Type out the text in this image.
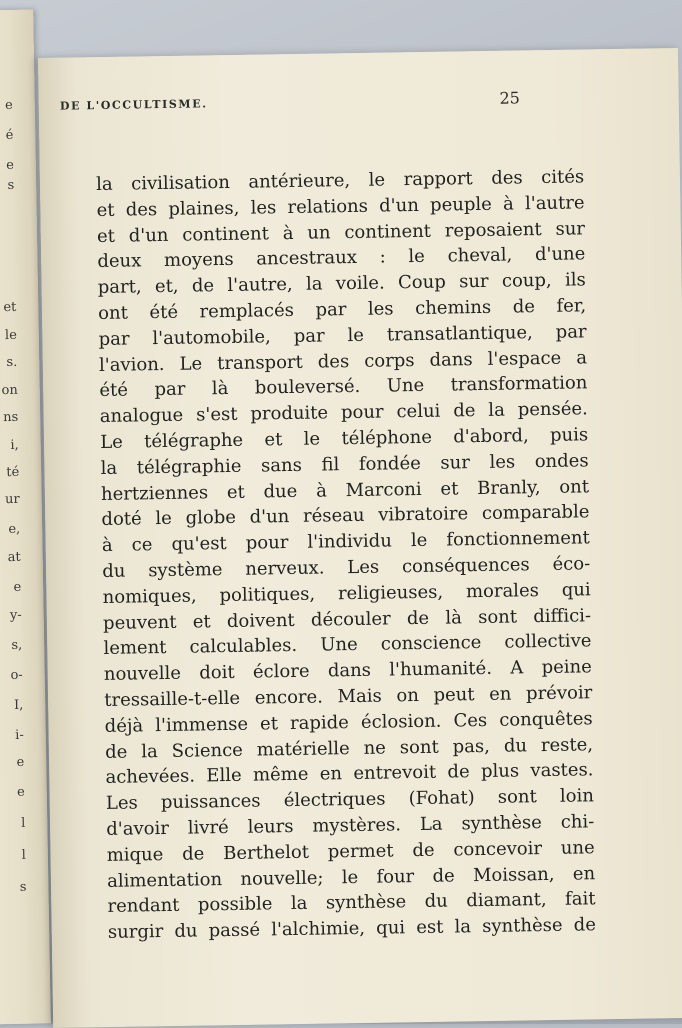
e
é
e
s
et
le
s.
on
ns
i,
té
ur
e,
at
e
y-
s,
o-
I,
i-
e
e
l
l
s
DE L'OCCULTISME.	25
la civilisation antérieure, le rapport des cités
et des plaines, les relations d'un peuple à l'autre
et d'un continent à un continent reposaient sur
deux moyens ancestraux : le cheval, d'une
part, et, de l'autre, la voile. Coup sur coup, ils
ont été remplacés par les chemins de fer,
par l'automobile, par le transatlantique, par
l'avion. Le transport des corps dans l'espace a
été par là bouleversé. Une transformation
analogue s'est produite pour celui de la pensée.
Le télégraphe et le téléphone d'abord, puis
la télégraphie sans fil fondée sur les ondes
hertziennes et due à Marconi et Branly, ont
doté le globe d'un réseau vibratoire comparable
à ce qu'est pour l'individu le fonctionnement
du système nerveux. Les conséquences éco-
nomiques, politiques, religieuses, morales qui
peuvent et doivent découler de là sont diffici-
lement calculables. Une conscience collective
nouvelle doit éclore dans l'humanité. A peine
tressaille-t-elle encore. Mais on peut en prévoir
déjà l'immense et rapide éclosion. Ces conquêtes
de la Science matérielle ne sont pas, du reste,
achevées. Elle même en entrevoit de plus vastes.
Les puissances électriques (Fohat) sont loin
d'avoir livré leurs mystères. La synthèse chi-
mique de Berthelot permet de concevoir une
alimentation nouvelle; le four de Moissan, en
rendant possible la synthèse du diamant, fait
surgir du passé l'alchimie, qui est la synthèse de
